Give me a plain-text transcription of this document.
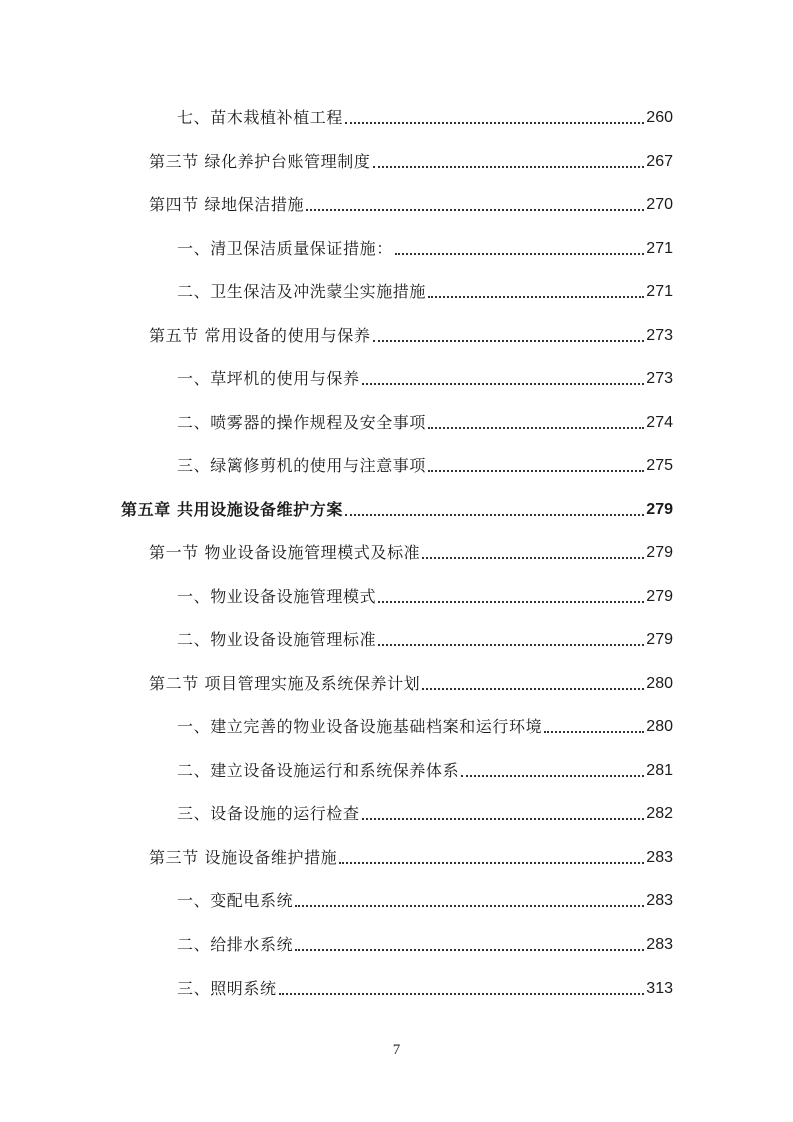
七、苗木栽植补植工程	260
第三节 绿化养护台账管理制度	267
第四节 绿地保洁措施	270
一、清卫保洁质量保证措施：	271
二、卫生保洁及冲洗蒙尘实施措施	271
第五节 常用设备的使用与保养	273
一、草坪机的使用与保养	273
二、喷雾器的操作规程及安全事项	274
三、绿篱修剪机的使用与注意事项	275
第五章 共用设施设备维护方案	279
第一节 物业设备设施管理模式及标准	279
一、物业设备设施管理模式	279
二、物业设备设施管理标准	279
第二节 项目管理实施及系统保养计划	280
一、建立完善的物业设备设施基础档案和运行环境	280
二、建立设备设施运行和系统保养体系	281
三、设备设施的运行检查	282
第三节 设施设备维护措施	283
一、变配电系统	283
二、给排水系统	283
三、照明系统	313
7
